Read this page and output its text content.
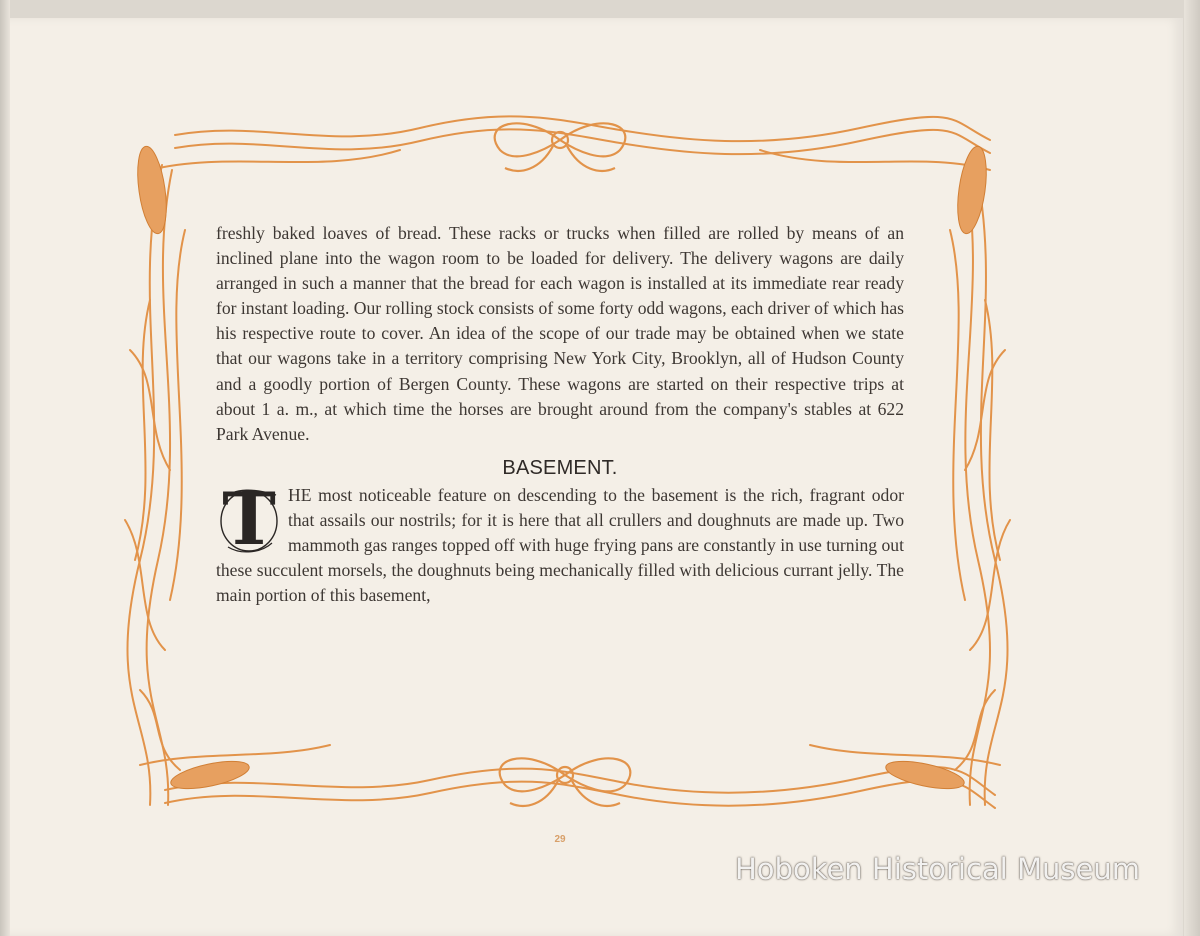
freshly baked loaves of bread. These racks or trucks when filled are rolled by means of an inclined plane into the wagon room to be loaded for delivery. The delivery wagons are daily arranged in such a manner that the bread for each wagon is installed at its immediate rear ready for instant loading. Our rolling stock consists of some forty odd wagons, each driver of which has his respective route to cover. An idea of the scope of our trade may be obtained when we state that our wagons take in a territory comprising New York City, Brooklyn, all of Hudson County and a goodly portion of Bergen County. These wagons are started on their respective trips at about 1 a. m., at which time the horses are brought around from the company's stables at 622 Park Avenue.

BASEMENT.
T HE most noticeable feature on descending to the basement is the rich, fragrant odor that assails our nostrils; for it is here that all crullers and doughnuts are made up. Two mammoth gas ranges topped off with huge frying pans are constantly in use turning out these succulent morsels, the doughnuts being mechanically filled with delicious currant jelly. The main portion of this basement,

29
Hoboken Historical Museum
